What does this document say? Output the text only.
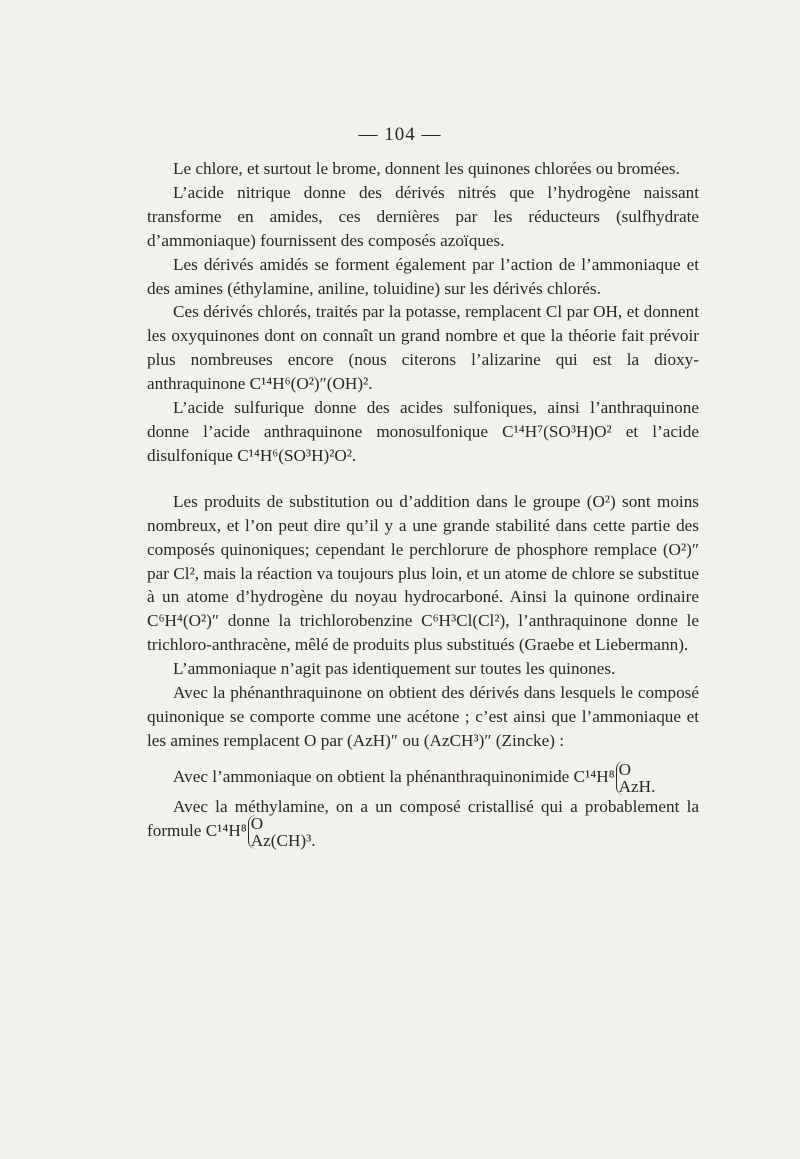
— 104 —

Le chlore, et surtout le brome, donnent les quinones chlorées ou bromées.

L’acide nitrique donne des dérivés nitrés que l’hydrogène naissant transforme en amides, ces dernières par les réducteurs (sulfhydrate d’ammoniaque) fournissent des composés azoïques.

Les dérivés amidés se forment également par l’action de l’ammoniaque et des amines (éthylamine, aniline, toluidine) sur les dérivés chlorés.

Ces dérivés chlorés, traités par la potasse, remplacent Cl par OH, et donnent les oxyquinones dont on connaît un grand nombre et que la théorie fait prévoir plus nombreuses encore (nous citerons l’alizarine qui est la dioxy-anthraquinone C¹⁴H⁶(O²)″(OH)².

L’acide sulfurique donne des acides sulfoniques, ainsi l’anthraquinone donne l’acide anthraquinone monosulfonique C¹⁴H⁷(SO³H)O² et l’acide disulfonique C¹⁴H⁶(SO³H)²O².

Les produits de substitution ou d’addition dans le groupe (O²) sont moins nombreux, et l’on peut dire qu’il y a une grande stabilité dans cette partie des composés quinoniques; cependant le perchlorure de phosphore remplace (O²)″ par Cl², mais la réaction va toujours plus loin, et un atome de chlore se substitue à un atome d’hydrogène du noyau hydrocarboné. Ainsi la quinone ordinaire C⁶H⁴(O²)″ donne la trichlorobenzine C⁶H³Cl(Cl²), l’anthraquinone donne le trichloro-anthracène, mêlé de produits plus substitués (Graebe et Liebermann).

L’ammoniaque n’agit pas identiquement sur toutes les quinones.

Avec la phénanthraquinone on obtient des dérivés dans lesquels le composé quinonique se comporte comme une acétone ; c’est ainsi que l’ammoniaque et les amines remplacent O par (AzH)″ ou (AzCH³)″ (Zincke) :

Avec l’ammoniaque on obtient la phénanthraquinonimide C¹⁴H⁸ O
AzH.

Avec la méthylamine, on a un composé cristallisé qui a probablement la formule C¹⁴H⁸ O
Az(CH)³.
